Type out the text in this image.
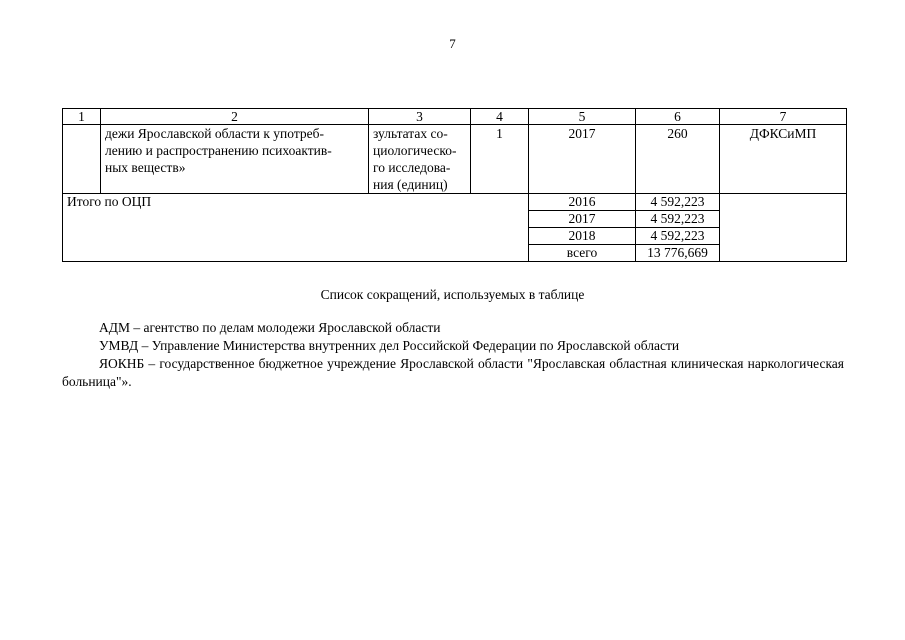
7
1	2	3	4	5	6	7

	дежи Ярославской области к употреб-
лению и распространению психоактив-
ных веществ»	зультатах со-
циологическо-
го исследова-
ния (единиц)	1	2017	260	ДФКСиМП
Итого по ОЦП				2016	4 592,223	
				2017	4 592,223	
				2018	4 592,223	
				всего	13 776,669	
Список сокращений, используемых в таблице

АДМ – агентство по делам молодежи Ярославской области

УМВД – Управление Министерства внутренних дел Российской Федерации по Ярославской области

ЯОКНБ – государственное бюджетное учреждение Ярославской области "Ярославская областная клиническая наркологическая больница"».
